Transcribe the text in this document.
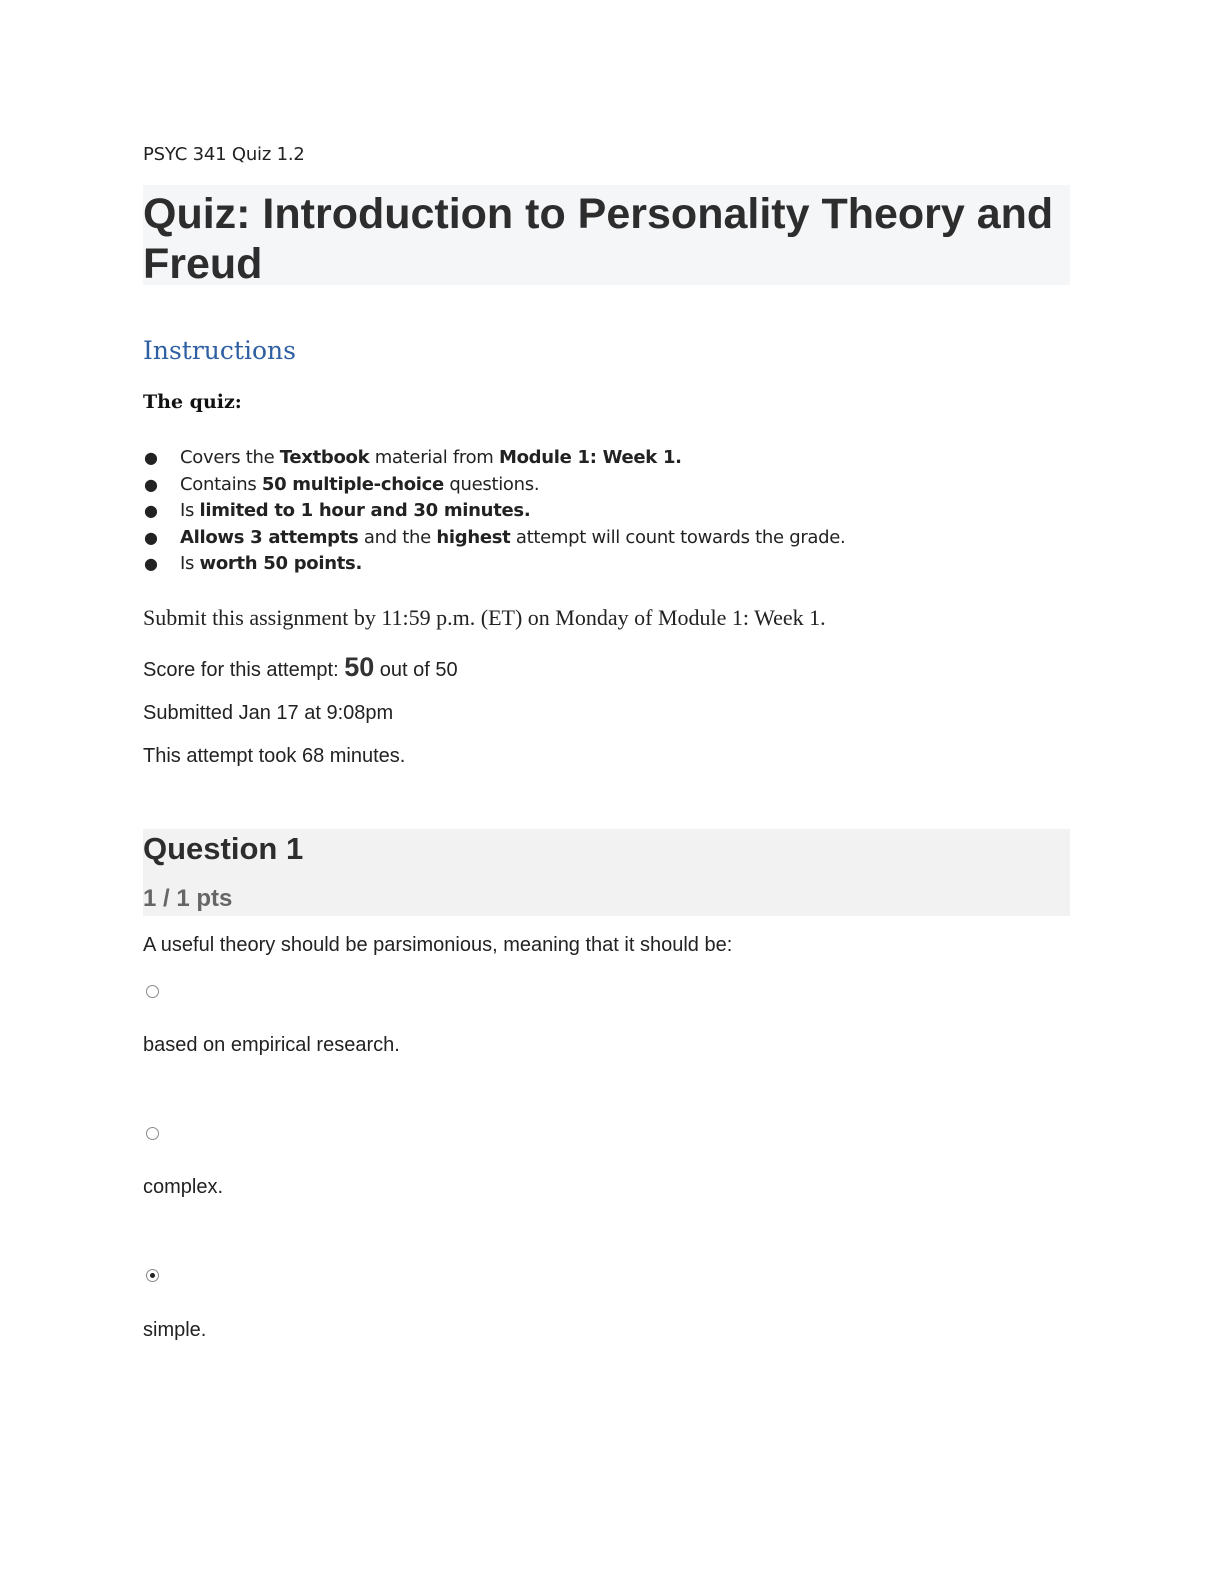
PSYC 341 Quiz 1.2
Quiz: Introduction to Personality Theory and Freud
Instructions
The quiz:
● Covers the Textbook material from Module 1: Week 1.
● Contains 50 multiple-choice questions.
● Is limited to 1 hour and 30 minutes.
● Allows 3 attempts and the highest attempt will count towards the grade.
● Is worth 50 points.
Submit this assignment by 11:59 p.m. (ET) on Monday of Module 1: Week 1.
Score for this attempt: 50 out of 50
Submitted Jan 17 at 9:08pm
This attempt took 68 minutes.
Question 1
1 / 1 pts
A useful theory should be parsimonious, meaning that it should be:
based on empirical research.
complex.
simple.
